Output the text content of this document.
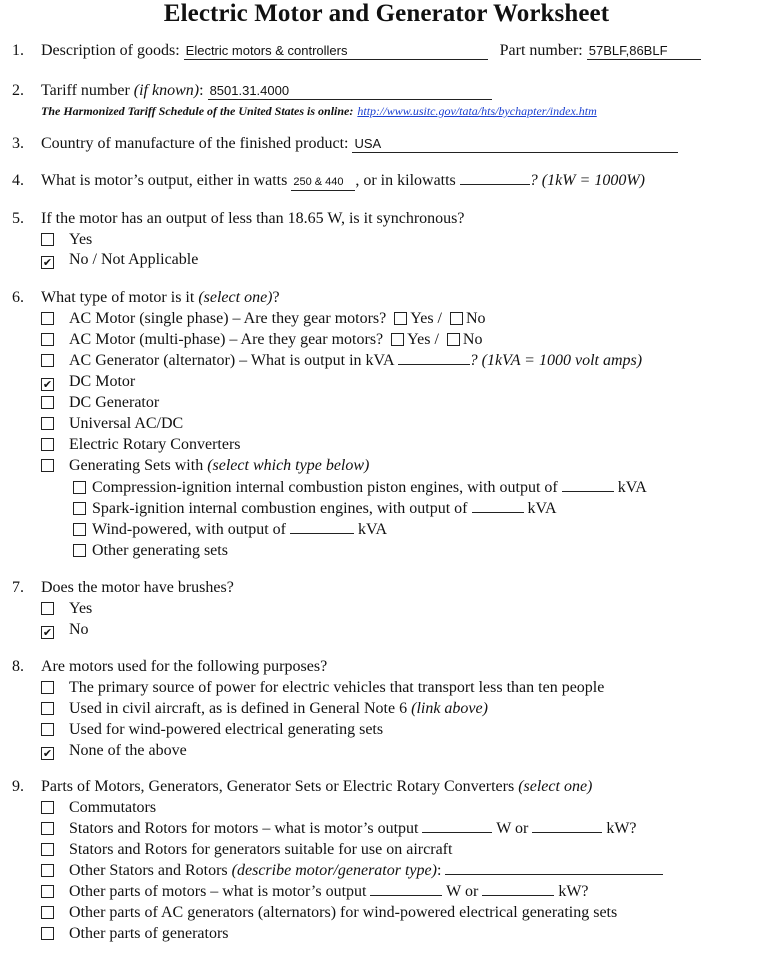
Electric Motor and Generator Worksheet
1. Description of goods: Electric motors & controllers	Part number: 57BLF,86BLF
2. Tariff number (if known): 8501.31.4000
The Harmonized Tariff Schedule of the United States is online: http://www.usitc.gov/tata/hts/bychapter/index.htm
3. Country of manufacture of the finished product: USA
4. What is motor’s output, either in watts 250 & 440 , or in kilowatts	? (1kW = 1000W)
5. If the motor has an output of less than 18.65 W, is it synchronous?
Yes
✔ No / Not Applicable
6. What type of motor is it (select one)?
AC Motor (single phase) – Are they gear motors? Yes / No
AC Motor (multi-phase) – Are they gear motors? Yes / No
AC Generator (alternator) – What is output in kVA	? (1kVA = 1000 volt amps)
✔ DC Motor
DC Generator
Universal AC/DC
Electric Rotary Converters
Generating Sets with (select which type below)
Compression-ignition internal combustion piston engines, with output of	kVA
Spark-ignition internal combustion engines, with output of	kVA
Wind-powered, with output of	kVA
Other generating sets
7. Does the motor have brushes?
Yes
✔ No
8. Are motors used for the following purposes?
The primary source of power for electric vehicles that transport less than ten people
Used in civil aircraft, as is defined in General Note 6 (link above)
Used for wind-powered electrical generating sets
✔ None of the above
9. Parts of Motors, Generators, Generator Sets or Electric Rotary Converters (select one)
Commutators
Stators and Rotors for motors – what is motor’s output	W or	kW?
Stators and Rotors for generators suitable for use on aircraft
Other Stators and Rotors (describe motor/generator type):
Other parts of motors – what is motor’s output	W or	kW?
Other parts of AC generators (alternators) for wind-powered electrical generating sets
Other parts of generators
